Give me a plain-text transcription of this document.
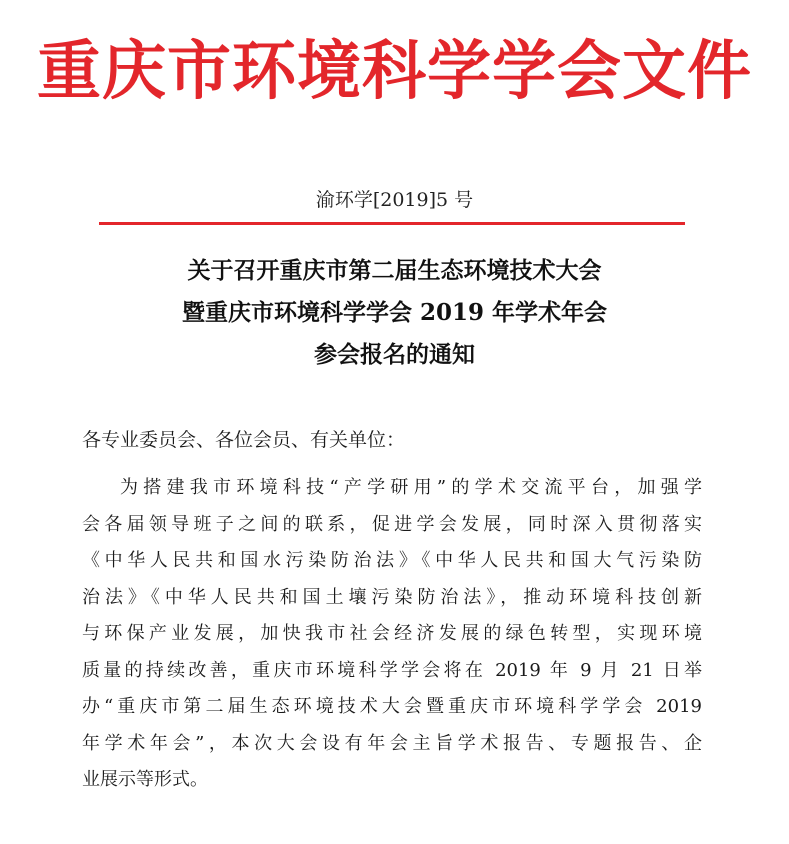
重庆市环境科学学会文件
渝环学[2019]5 号
关于召开重庆市第二届生态环境技术大会
暨重庆市环境科学学会 2019 年学术年会
参会报名的通知
各专业委员会、各位会员、有关单位：
为搭建我市环境科技“产学研用”的学术交流平台，加强学
会各届领导班子之间的联系，促进学会发展，同时深入贯彻落实
《中华人民共和国水污染防治法》《中华人民共和国大气污染防
治法》《中华人民共和国土壤污染防治法》，推动环境科技创新
与环保产业发展，加快我市社会经济发展的绿色转型，实现环境
质量的持续改善，重庆市环境科学学会将在 2019 年 9 月 21 日举
办“重庆市第二届生态环境技术大会暨重庆市环境科学学会 2019
年学术年会”，本次大会设有年会主旨学术报告、专题报告、企
业展示等形式。
